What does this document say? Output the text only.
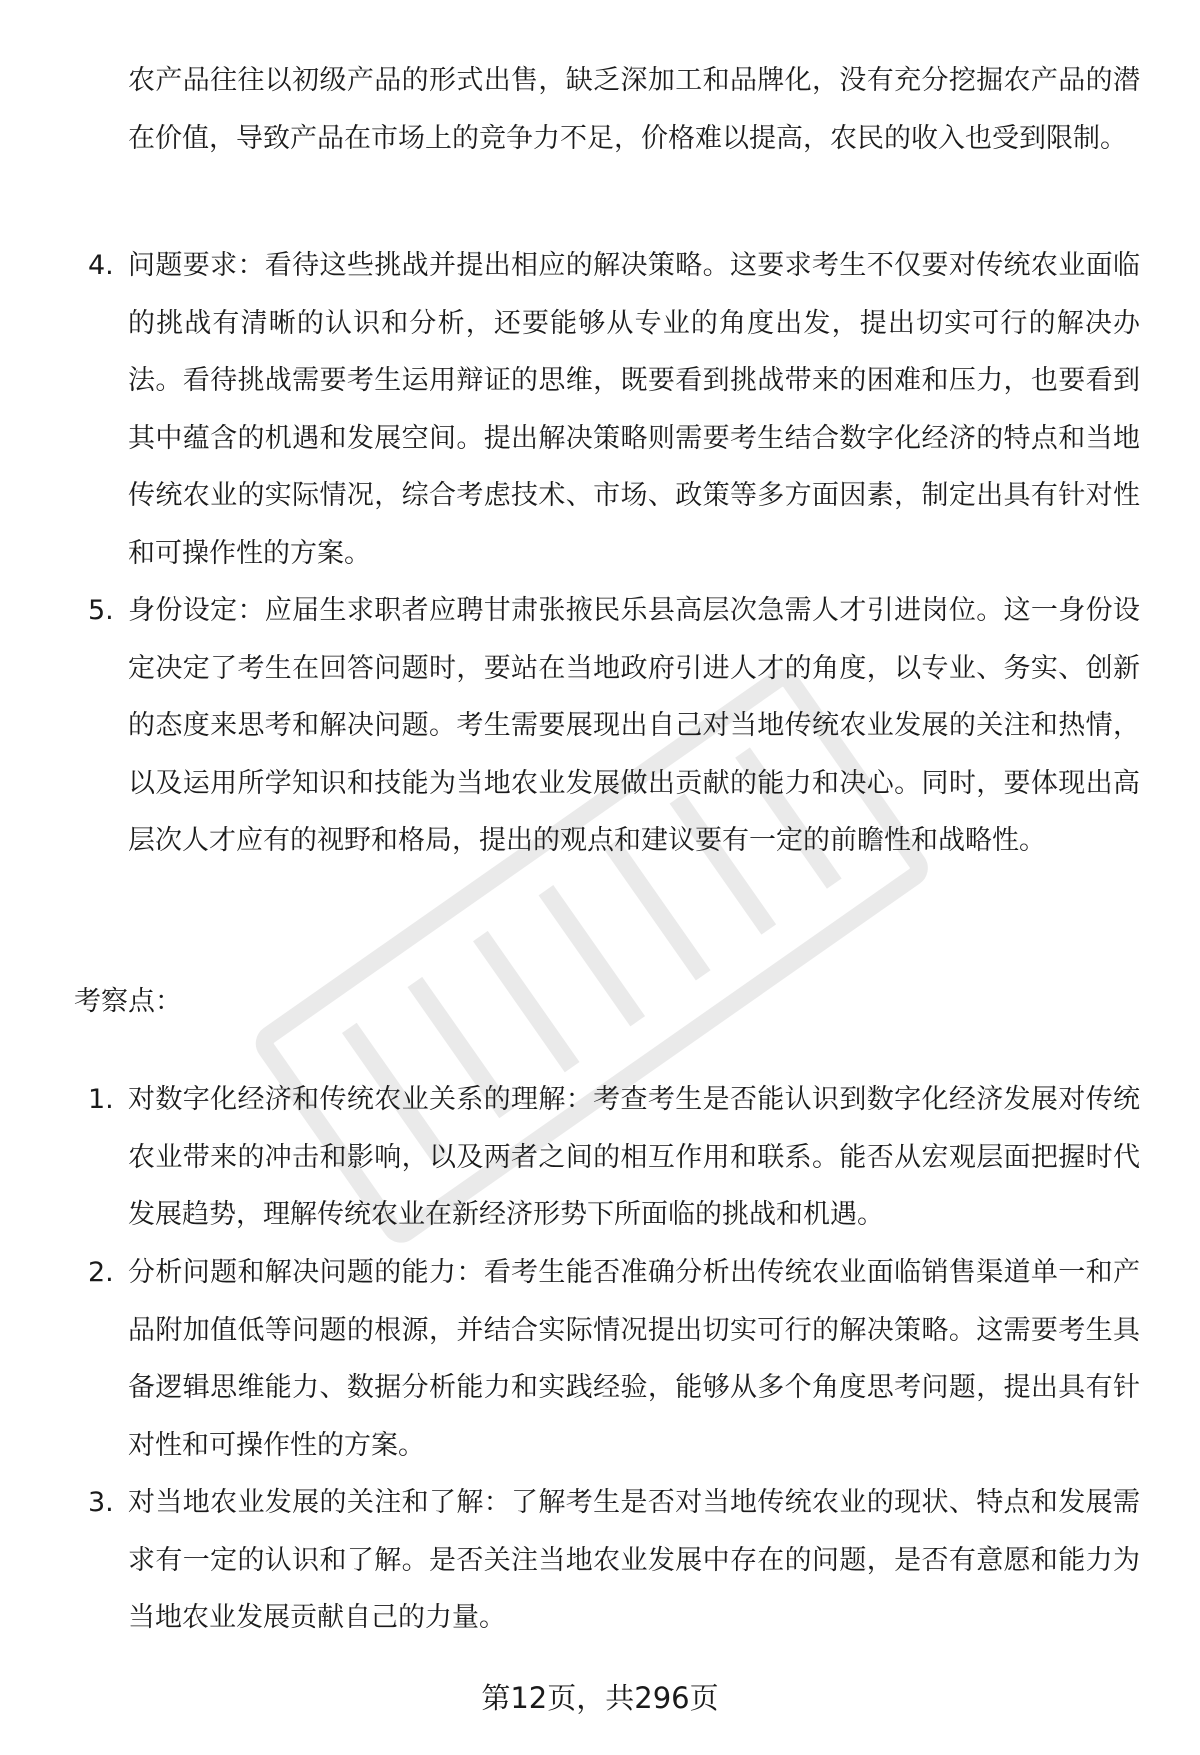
农产品往往以初级产品的形式出售，缺乏深加工和品牌化，没有充分挖掘农产品的潜在价值，导致产品在市场上的竞争力不足，价格难以提高，农民的收入也受到限制。

4. 问题要求：看待这些挑战并提出相应的解决策略。这要求考生不仅要对传统农业面临的挑战有清晰的认识和分析，还要能够从专业的角度出发，提出切实可行的解决办法。看待挑战需要考生运用辩证的思维，既要看到挑战带来的困难和压力，也要看到其中蕴含的机遇和发展空间。提出解决策略则需要考生结合数字化经济的特点和当地传统农业的实际情况，综合考虑技术、市场、政策等多方面因素，制定出具有针对性和可操作性的方案。
5. 身份设定：应届生求职者应聘甘肃张掖民乐县高层次急需人才引进岗位。这一身份设定决定了考生在回答问题时，要站在当地政府引进人才的角度，以专业、务实、创新的态度来思考和解决问题。考生需要展现出自己对当地传统农业发展的关注和热情，以及运用所学知识和技能为当地农业发展做出贡献的能力和决心。同时，要体现出高层次人才应有的视野和格局，提出的观点和建议要有一定的前瞻性和战略性。
考察点：
1. 对数字化经济和传统农业关系的理解：考查考生是否能认识到数字化经济发展对传统农业带来的冲击和影响，以及两者之间的相互作用和联系。能否从宏观层面把握时代发展趋势，理解传统农业在新经济形势下所面临的挑战和机遇。
2. 分析问题和解决问题的能力：看考生能否准确分析出传统农业面临销售渠道单一和产品附加值低等问题的根源，并结合实际情况提出切实可行的解决策略。这需要考生具备逻辑思维能力、数据分析能力和实践经验，能够从多个角度思考问题，提出具有针对性和可操作性的方案。
3. 对当地农业发展的关注和了解：了解考生是否对当地传统农业的现状、特点和发展需求有一定的认识和了解。是否关注当地农业发展中存在的问题，是否有意愿和能力为当地农业发展贡献自己的力量。
第12页，共296页
